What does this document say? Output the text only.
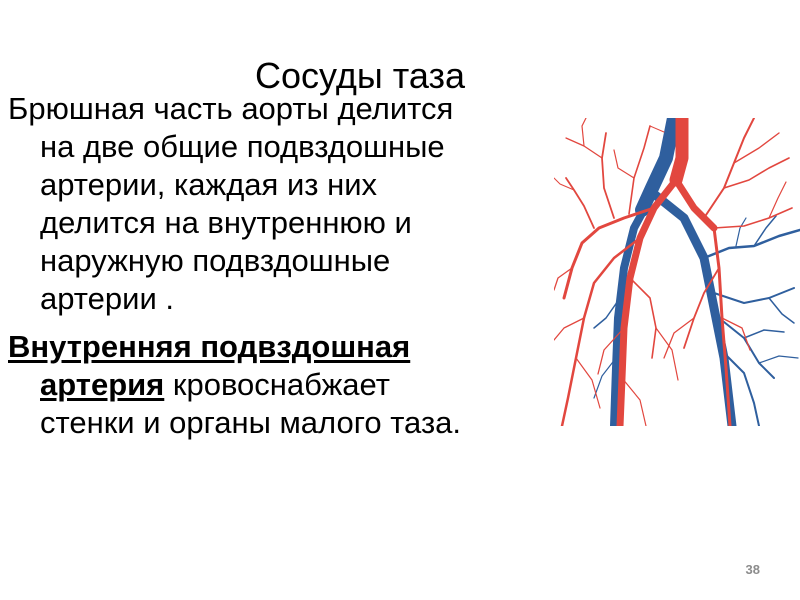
Сосуды таза

Брюшная часть аорты делится на две общие подвздошные артерии, каждая из них делится на внутреннюю и наружную подвздошные артерии .

Внутренняя подвздошная артерия кровоснабжает стенки и органы малого таза.

38
